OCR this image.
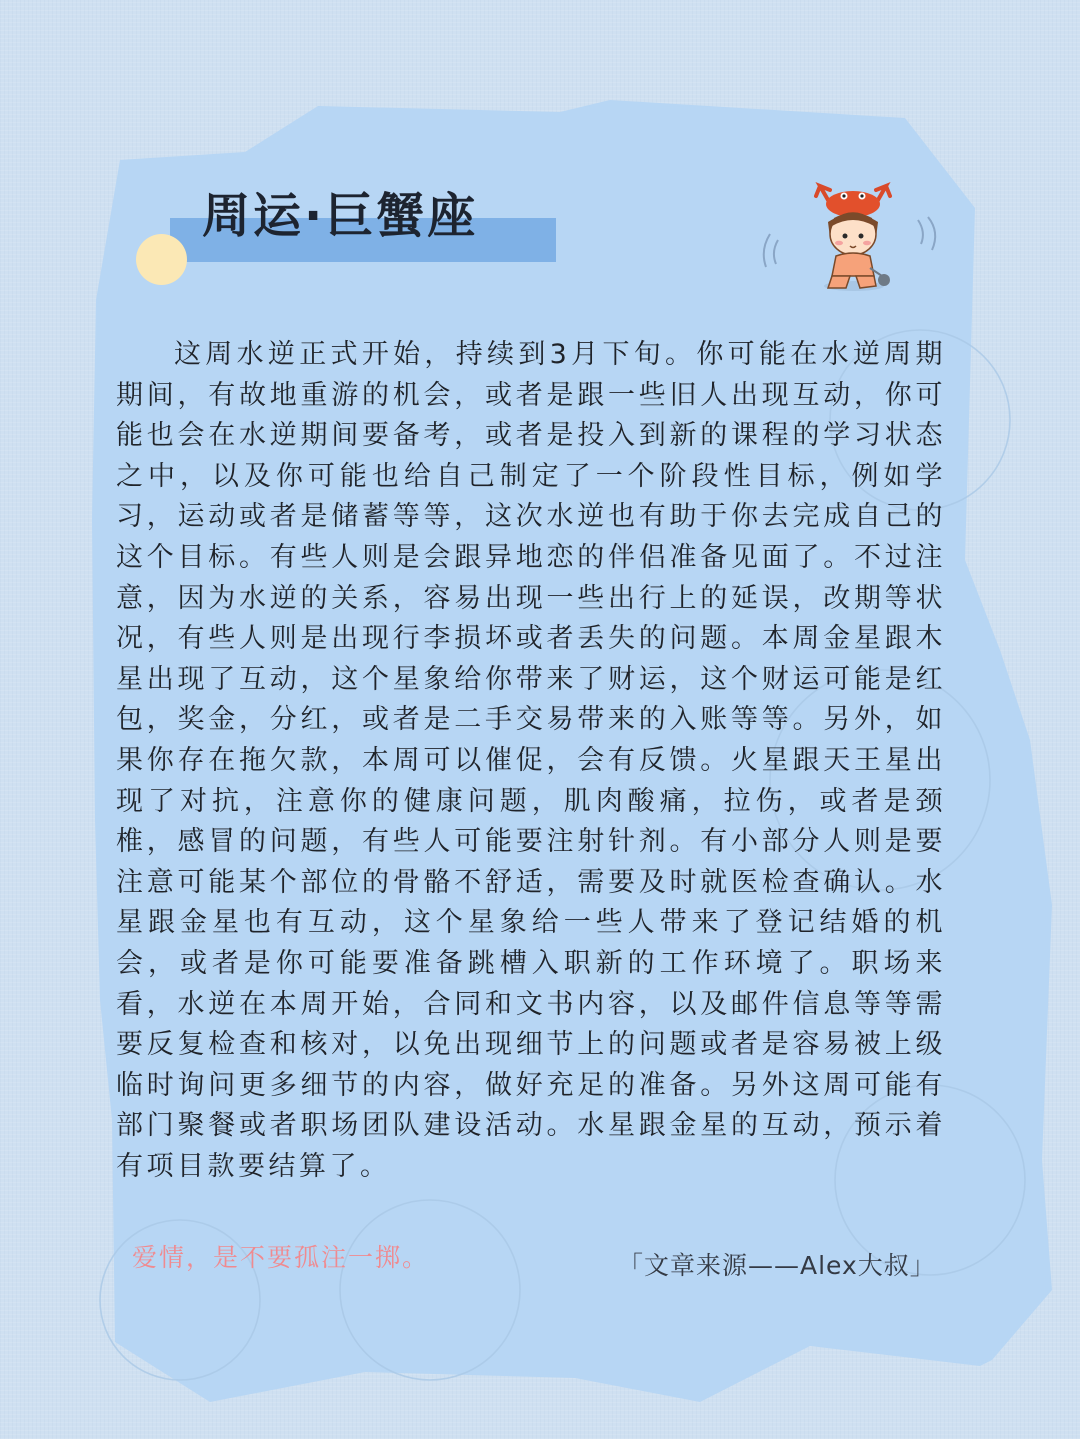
周运·巨蟹座

这周水逆正式开始，持续到3月下旬。你可能在水逆周期期间，有故地重游的机会，或者是跟一些旧人出现互动，你可能也会在水逆期间要备考，或者是投入到新的课程的学习状态之中，以及你可能也给自己制定了一个阶段性目标，例如学习，运动或者是储蓄等等，这次水逆也有助于你去完成自己的这个目标。有些人则是会跟异地恋的伴侣准备见面了。不过注意，因为水逆的关系，容易出现一些出行上的延误，改期等状况，有些人则是出现行李损坏或者丢失的问题。本周金星跟木星出现了互动，这个星象给你带来了财运，这个财运可能是红包，奖金，分红，或者是二手交易带来的入账等等。另外，如果你存在拖欠款，本周可以催促，会有反馈。火星跟天王星出现了对抗，注意你的健康问题，肌肉酸痛，拉伤，或者是颈椎，感冒的问题，有些人可能要注射针剂。有小部分人则是要注意可能某个部位的骨骼不舒适，需要及时就医检查确认。水星跟金星也有互动，这个星象给一些人带来了登记结婚的机会，或者是你可能要准备跳槽入职新的工作环境了。职场来看，水逆在本周开始，合同和文书内容，以及邮件信息等等需要反复检查和核对，以免出现细节上的问题或者是容易被上级临时询问更多细节的内容，做好充足的准备。另外这周可能有部门聚餐或者职场团队建设活动。水星跟金星的互动，预示着有项目款要结算了。

爱情，是不要孤注一掷。	「文章来源——Alex大叔」
